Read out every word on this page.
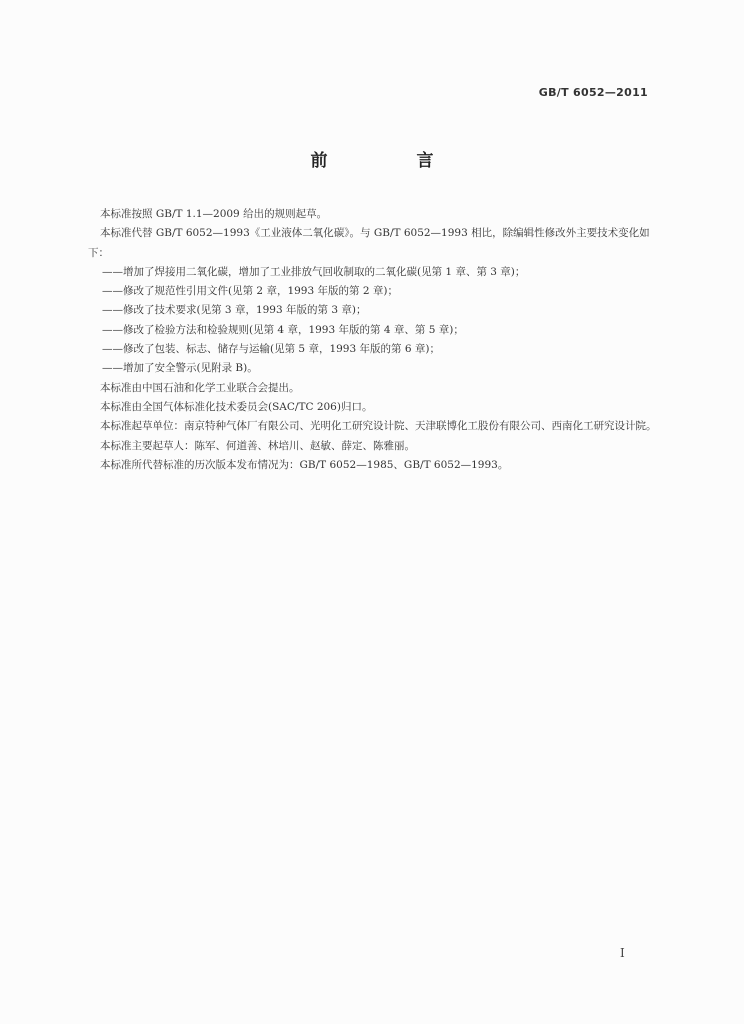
GB/T 6052—2011
前　言

本标准按照 GB/T 1.1—2009 给出的规则起草。

本标准代替 GB/T 6052—1993《工业液体二氧化碳》。与 GB/T 6052—1993 相比，除编辑性修改外主要技术变化如下：

——增加了焊接用二氧化碳，增加了工业排放气回收制取的二氧化碳(见第 1 章、第 3 章)；

——修改了规范性引用文件(见第 2 章，1993 年版的第 2 章)；

——修改了技术要求(见第 3 章，1993 年版的第 3 章)；

——修改了检验方法和检验规则(见第 4 章，1993 年版的第 4 章、第 5 章)；

——修改了包装、标志、储存与运输(见第 5 章，1993 年版的第 6 章)；

——增加了安全警示(见附录 B)。

本标准由中国石油和化学工业联合会提出。

本标准由全国气体标准化技术委员会(SAC/TC 206)归口。

本标准起草单位：南京特种气体厂有限公司、光明化工研究设计院、天津联博化工股份有限公司、西南化工研究设计院。

本标准主要起草人：陈军、何道善、林培川、赵敏、薛定、陈雅丽。

本标准所代替标准的历次版本发布情况为：GB/T 6052—1985、GB/T 6052—1993。

I
